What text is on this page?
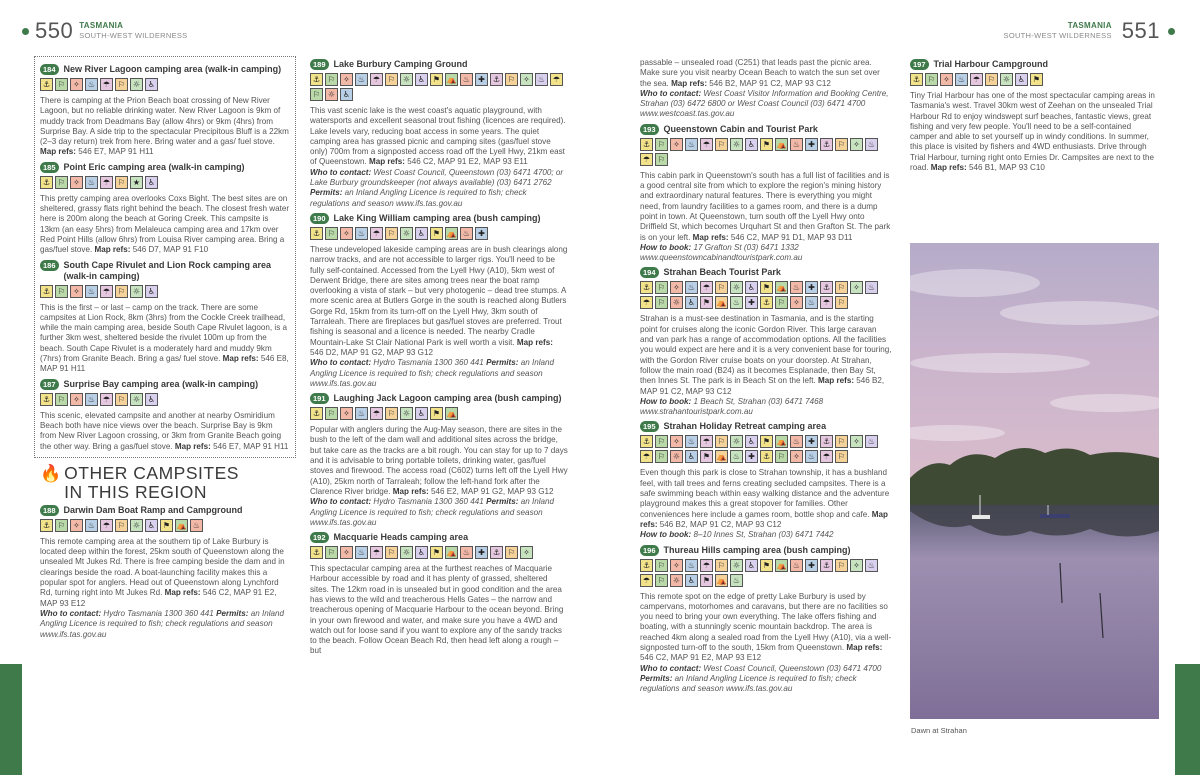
550 TASMANIA
SOUTH-WEST WILDERNESS
TASMANIA
SOUTH-WEST WILDERNESS 551
184 New River Lagoon camping area (walk-in camping)
⚓ ⚐	✧	♨ ☂ ⚐ ☼ ♿
There is camping at the Prion Beach boat crossing of New River Lagoon, but no reliable drinking water. New River Lagoon is 9km of muddy track from Deadmans Bay (allow 4hrs) or 9km (4hrs) from Surprise Bay. A side trip to the spectacular Precipitous Bluff is a 22km (2–3 day return) trek from here. Bring water and a gas/ fuel stove. Map refs: 546 E7, MAP 91 H11
185 Point Eric camping area (walk-in camping)
⚓ ⚐	✧	♨ ☂ ⚐ ★ ♿
This pretty camping area overlooks Coxs Bight. The best sites are on sheltered, grassy flats right behind the beach. The closest fresh water here is 200m along the beach at Goring Creek. This campsite is 13km (an easy 5hrs) from Melaleuca camping area and 17km over Red Point Hills (allow 6hrs) from Louisa River camping area. Bring a gas/fuel stove. Map refs: 546 D7, MAP 91 F10
186 South Cape Rivulet and Lion Rock camping area (walk-in camping)
⚓ ⚐	✧	♨ ☂ ⚐ ☼ ♿
This is the first – or last – camp on the track. There are some campsites at Lion Rock, 8km (3hrs) from the Cockle Creek trailhead, while the main camping area, beside South Cape Rivulet lagoon, is a further 3km west, sheltered beside the rivulet 100m up from the beach. South Cape Rivulet is a moderately hard and muddy 9km (7hrs) from Granite Beach. Bring a gas/ fuel stove. Map refs: 546 E8, MAP 91 H11
187 Surprise Bay camping area (walk-in camping)
⚓ ⚐	✧	♨ ☂ ⚐ ☼ ♿
This scenic, elevated campsite and another at nearby Osmiridium Beach both have nice views over the beach. Surprise Bay is 9km from New River Lagoon crossing, or 3km from Granite Beach going the other way. Bring a gas/fuel stove. Map refs: 546 E7, MAP 91 H11
🔥 OTHER CAMPSITES
IN THIS REGION
188 Darwin Dam Boat Ramp and Campground
⚓ ⚐	✧	♨ ☂ ⚐ ☼ ♿ ⚑ ⛺ ♨
This remote camping area at the southern tip of Lake Burbury is located deep within the forest, 25km south of Queenstown along the unsealed Mt Jukes Rd. There is free camping beside the dam and in clearings beside the road. A boat-launching facility makes this a popular spot for anglers. Head out of Queenstown along Lynchford Rd, turning right into Mt Jukes Rd. Map refs: 546 C2, MAP 91 E2, MAP 93 E12
Who to contact: Hydro Tasmania 1300 360 441 Permits: an Inland Angling Licence is required to fish; check regulations and season www.ifs.tas.gov.au
189 Lake Burbury Camping Ground
⚓ ⚐	✧	♨ ☂ ⚐ ☼ ♿ ⚑ ⛺ ♨	✚	⚓ ⚐	✧	♨ ☂
⚐ ☼ ♿
This vast scenic lake is the west coast's aquatic playground, with watersports and excellent seasonal trout fishing (licences are required). Lake levels vary, reducing boat access in some years. The quiet camping area has grassed picnic and camping sites (gas/fuel stove only) 700m from a signposted access road off the Lyell Hwy, 21km east of Queenstown. Map refs: 546 C2, MAP 91 E2, MAP 93 E11
Who to contact: West Coast Council, Queenstown (03) 6471 4700; or Lake Burbury groundskeeper (not always available) (03) 6471 2762 Permits: an Inland Angling Licence is required to fish; check regulations and season www.ifs.tas.gov.au
190 Lake King William camping area (bush camping)
⚓ ⚐	✧	♨ ☂ ⚐ ☼ ♿ ⚑ ⛺ ♨	✚
These undeveloped lakeside camping areas are in bush clearings along narrow tracks, and are not accessible to larger rigs. You'll need to be fully self-contained. Accessed from the Lyell Hwy (A10), 5km west of Derwent Bridge, there are sites among trees near the boat ramp overlooking a vista of stark – but very photogenic – dead tree stumps. A more scenic area at Butlers Gorge in the south is reached along Butlers Gorge Rd, 15km from its turn-off on the Lyell Hwy, 3km south of Tarraleah. There are fireplaces but gas/fuel stoves are preferred. Trout fishing is seasonal and a licence is needed. The nearby Cradle Mountain-Lake St Clair National Park is well worth a visit. Map refs: 546 D2, MAP 91 G2, MAP 93 G12
Who to contact: Hydro Tasmania 1300 360 441 Permits: an Inland Angling Licence is required to fish; check regulations and season www.ifs.tas.gov.au
191 Laughing Jack Lagoon camping area (bush camping)
⚓ ⚐	✧	♨ ☂ ⚐ ☼ ♿ ⚑ ⛺
Popular with anglers during the Aug-May season, there are sites in the bush to the left of the dam wall and additional sites across the bridge, but take care as the tracks are a bit rough. You can stay for up to 7 days and it is advisable to bring portable toilets, drinking water, gas/fuel stoves and firewood. The access road (C602) turns left off the Lyell Hwy (A10), 25km north of Tarraleah; follow the left-hand fork after the Clarence River bridge. Map refs: 546 E2, MAP 91 G2, MAP 93 G12
Who to contact: Hydro Tasmania 1300 360 441 Permits: an Inland Angling Licence is required to fish; check regulations and season www.ifs.tas.gov.au
192 Macquarie Heads camping area
⚓ ⚐	✧	♨ ☂ ⚐ ☼ ♿ ⚑ ⛺ ♨	✚	⚓ ⚐	✧
This spectacular camping area at the furthest reaches of Macquarie Harbour accessible by road and it has plenty of grassed, sheltered sites. The 12km road in is unsealed but in good condition and the area has views to the wild and treacherous Hells Gates – the narrow and treacherous opening of Macquarie Harbour to the ocean beyond. Bring in your own firewood and water, and make sure you have a 4WD and watch out for loose sand if you want to explore any of the sandy tracks to the beach. Follow Ocean Beach Rd, then head left along a rough – but
passable – unsealed road (C251) that leads past the picnic area. Make sure you visit nearby Ocean Beach to watch the sun set over the sea. Map refs: 546 B2, MAP 91 C2, MAP 93 C12
Who to contact: West Coast Visitor Information and Booking Centre, Strahan (03) 6472 6800 or West Coast Council (03) 6471 4700 www.westcoast.tas.gov.au
193 Queenstown Cabin and Tourist Park
⚓ ⚐	✧	♨ ☂ ⚐ ☼ ♿ ⚑ ⛺ ♨	✚	⚓ ⚐	✧	♨
☂ ⚐
This cabin park in Queenstown's south has a full list of facilities and is a good central site from which to explore the region's mining history and extraordinary natural features. There is everything you might need, from laundry facilities to a games room, and there is a dump point in town. At Queenstown, turn south off the Lyell Hwy onto Driffield St, which becomes Urquhart St and then Grafton St. The park is on your left. Map refs: 546 C2, MAP 91 D1, MAP 93 D11
How to book: 17 Grafton St (03) 6471 1332 www.queenstowncabinandtouristpark.com.au
194 Strahan Beach Tourist Park
⚓ ⚐	✧	♨ ☂ ⚐ ☼ ♿ ⚑ ⛺ ♨	✚	⚓ ⚐	✧	♨
☂ ⚐ ☼ ♿ ⚑ ⛺ ♨	✚	⚓ ⚐	✧	♨ ☂ ⚐
Strahan is a must-see destination in Tasmania, and is the starting point for cruises along the iconic Gordon River. This large caravan and van park has a range of accommodation options. All the facilities you would expect are here and it is a very convenient base for touring, with the Gordon River cruise boats on your doorstep. At Strahan, follow the main road (B24) as it becomes Esplanade, then Bay St, then Innes St. The park is in Beach St on the left. Map refs: 546 B2, MAP 91 C2, MAP 93 C12
How to book: 1 Beach St, Strahan (03) 6471 7468 www.strahantouristpark.com.au
195 Strahan Holiday Retreat camping area
⚓ ⚐	✧	♨ ☂ ⚐ ☼ ♿ ⚑ ⛺ ♨	✚	⚓ ⚐	✧	♨
☂ ⚐ ☼ ♿ ⚑ ⛺ ♨	✚	⚓ ⚐	✧	♨ ☂ ⚐
Even though this park is close to Strahan township, it has a bushland feel, with tall trees and ferns creating secluded campsites. There is a safe swimming beach within easy walking distance and the adventure playground makes this a great stopover for families. Other conveniences here include a games room, bottle shop and cafe. Map refs: 546 B2, MAP 91 C2, MAP 93 C12
How to book: 8–10 Innes St, Strahan (03) 6471 7442
196 Thureau Hills camping area (bush camping)
⚓ ⚐	✧	♨ ☂ ⚐ ☼ ♿ ⚑ ⛺ ♨	✚	⚓ ⚐	✧	♨
☂ ⚐ ☼ ♿ ⚑ ⛺ ♨
This remote spot on the edge of pretty Lake Burbury is used by campervans, motorhomes and caravans, but there are no facilities so you need to bring your own everything. The lake offers fishing and boating, with a stunningly scenic mountain backdrop. The area is reached 4km along a sealed road from the Lyell Hwy (A10), via a well-signposted turn-off to the south, 15km from Queenstown. Map refs: 546 C2, MAP 91 E2, MAP 93 E12
Who to contact: West Coast Council, Queenstown (03) 6471 4700 Permits: an Inland Angling Licence is required to fish; check regulations and season www.ifs.tas.gov.au
197 Trial Harbour Campground
⚓ ⚐	✧	♨ ☂ ⚐ ☼ ♿ ⚑
Tiny Trial Harbour has one of the most spectacular camping areas in Tasmania's west. Travel 30km west of Zeehan on the unsealed Trial Harbour Rd to enjoy windswept surf beaches, fantastic views, great fishing and very few people. You'll need to be a self-contained camper and able to set yourself up in windy conditions. In summer, this place is visited by fishers and 4WD enthusiasts. Drive through Trial Harbour, turning right onto Ernies Dr. Campsites are next to the road. Map refs: 546 B1, MAP 93 C10
Dawn at Strahan
